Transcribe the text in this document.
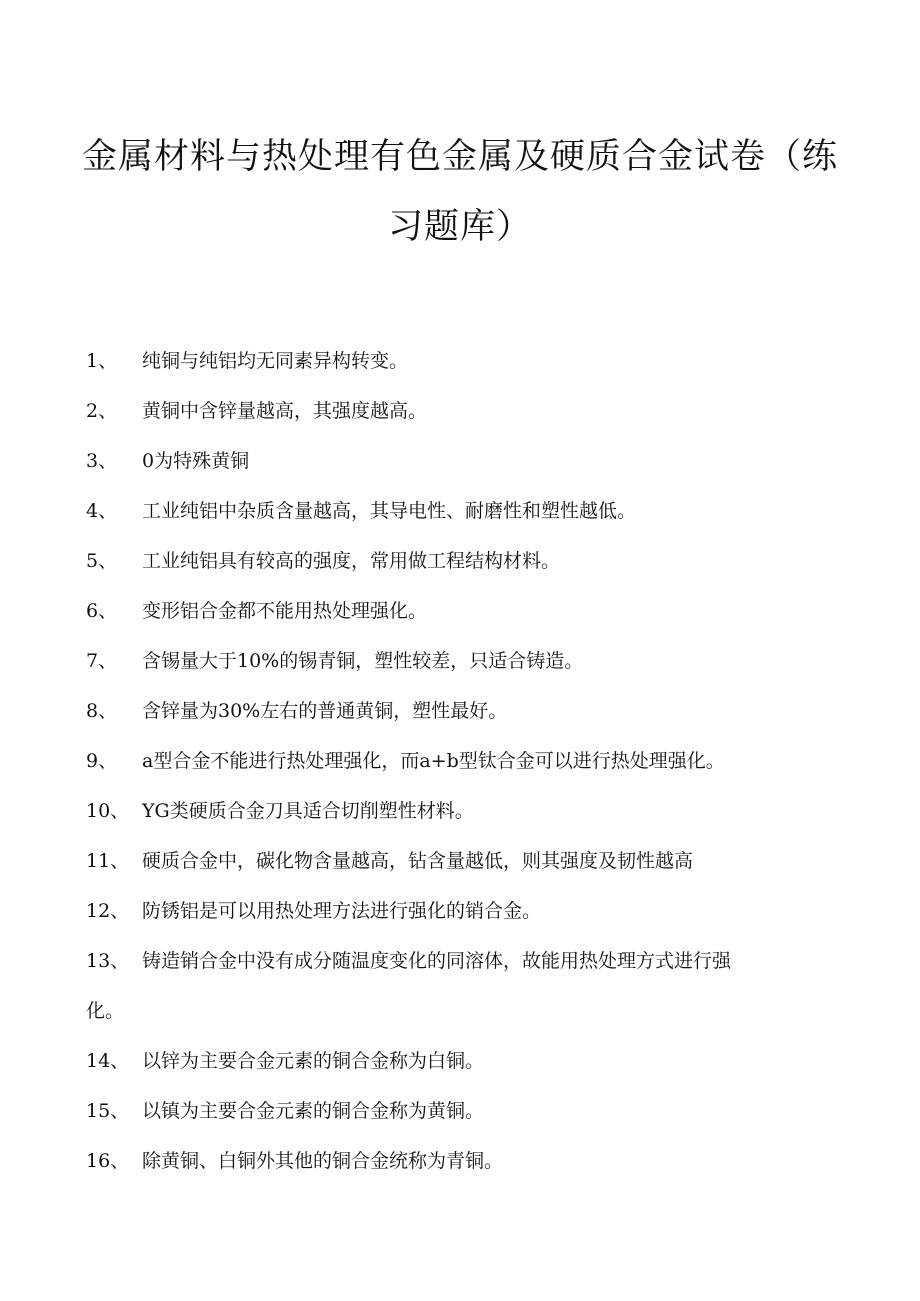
金属材料与热处理有色金属及硬质合金试卷（练
习题库）
1、 纯铜与纯铝均无同素异构转变。
2、 黄铜中含锌量越高，其强度越高。
3、 0为特殊黄铜
4、 工业纯铝中杂质含量越高，其导电性、耐磨性和塑性越低。
5、 工业纯铝具有较高的强度，常用做工程结构材料。
6、 变形铝合金都不能用热处理强化。
7、 含锡量大于10%的锡青铜，塑性较差，只适合铸造。
8、 含锌量为30%左右的普通黄铜，塑性最好。
9、 a型合金不能进行热处理强化，而a+b型钛合金可以进行热处理强化。
10、 YG类硬质合金刀具适合切削塑性材料。
11、 硬质合金中，碳化物含量越高，钻含量越低，则其强度及韧性越高
12、 防锈铝是可以用热处理方法进行强化的销合金。
13、 铸造销合金中没有成分随温度变化的同溶体，故能用热处理方式进行强
化。
14、 以锌为主要合金元素的铜合金称为白铜。
15、 以镇为主要合金元素的铜合金称为黄铜。
16、 除黄铜、白铜外其他的铜合金统称为青铜。
